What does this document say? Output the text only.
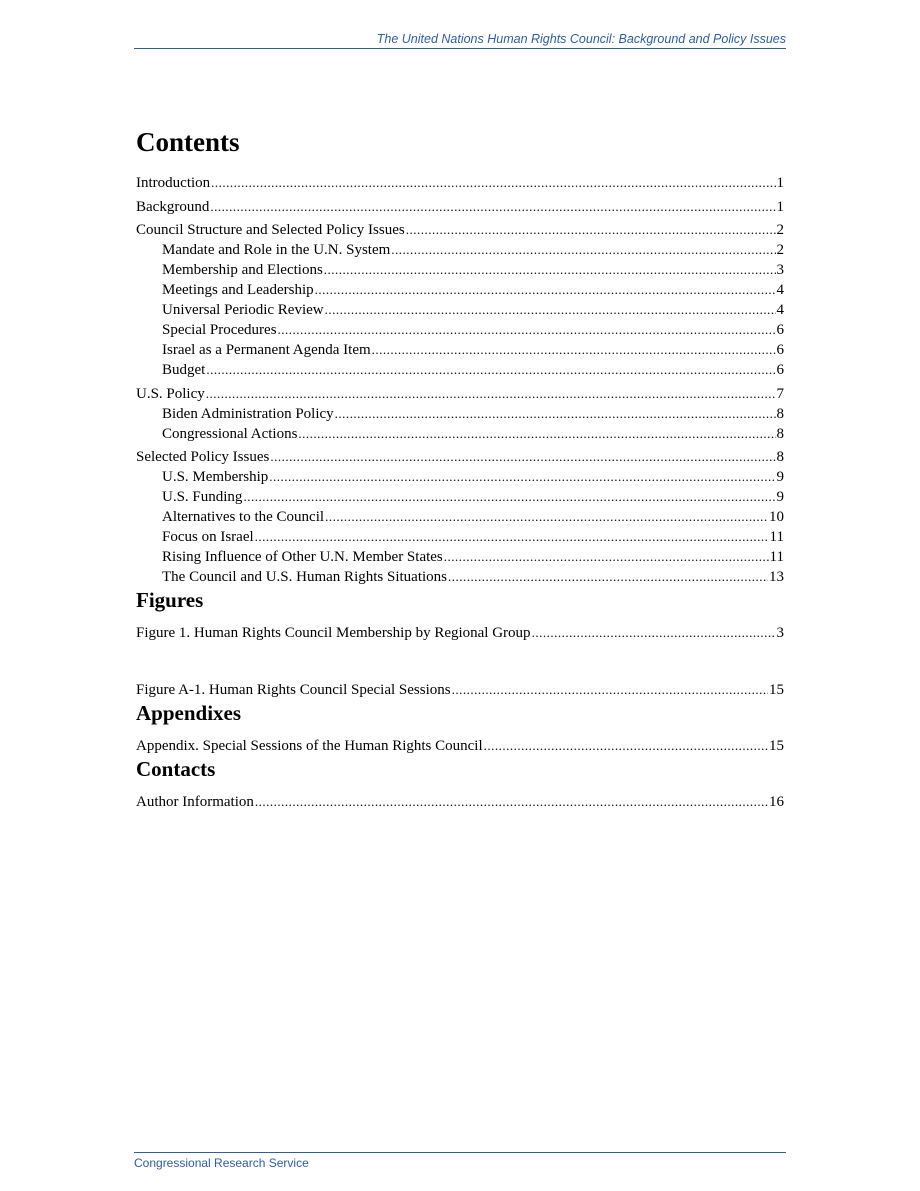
The United Nations Human Rights Council: Background and Policy Issues
Contents
Introduction .....	1
Background .....	1
Council Structure and Selected Policy Issues .....	2
Mandate and Role in the U.N. System .....	2
Membership and Elections .....	3
Meetings and Leadership .....	4
Universal Periodic Review .....	4
Special Procedures .....	6
Israel as a Permanent Agenda Item .....	6
Budget .....	6
U.S. Policy .....	7
Biden Administration Policy .....	8
Congressional Actions .....	8
Selected Policy Issues .....	8
U.S. Membership .....	9
U.S. Funding .....	9
Alternatives to the Council .....	10
Focus on Israel .....	11
Rising Influence of Other U.N. Member States .....	11
The Council and U.S. Human Rights Situations .....	13
Figures
Figure 1. Human Rights Council Membership by Regional Group .....	3
Figure A-1. Human Rights Council Special Sessions .....	15
Appendixes
Appendix. Special Sessions of the Human Rights Council .....	15
Contacts
Author Information .....	16
Congressional Research Service
